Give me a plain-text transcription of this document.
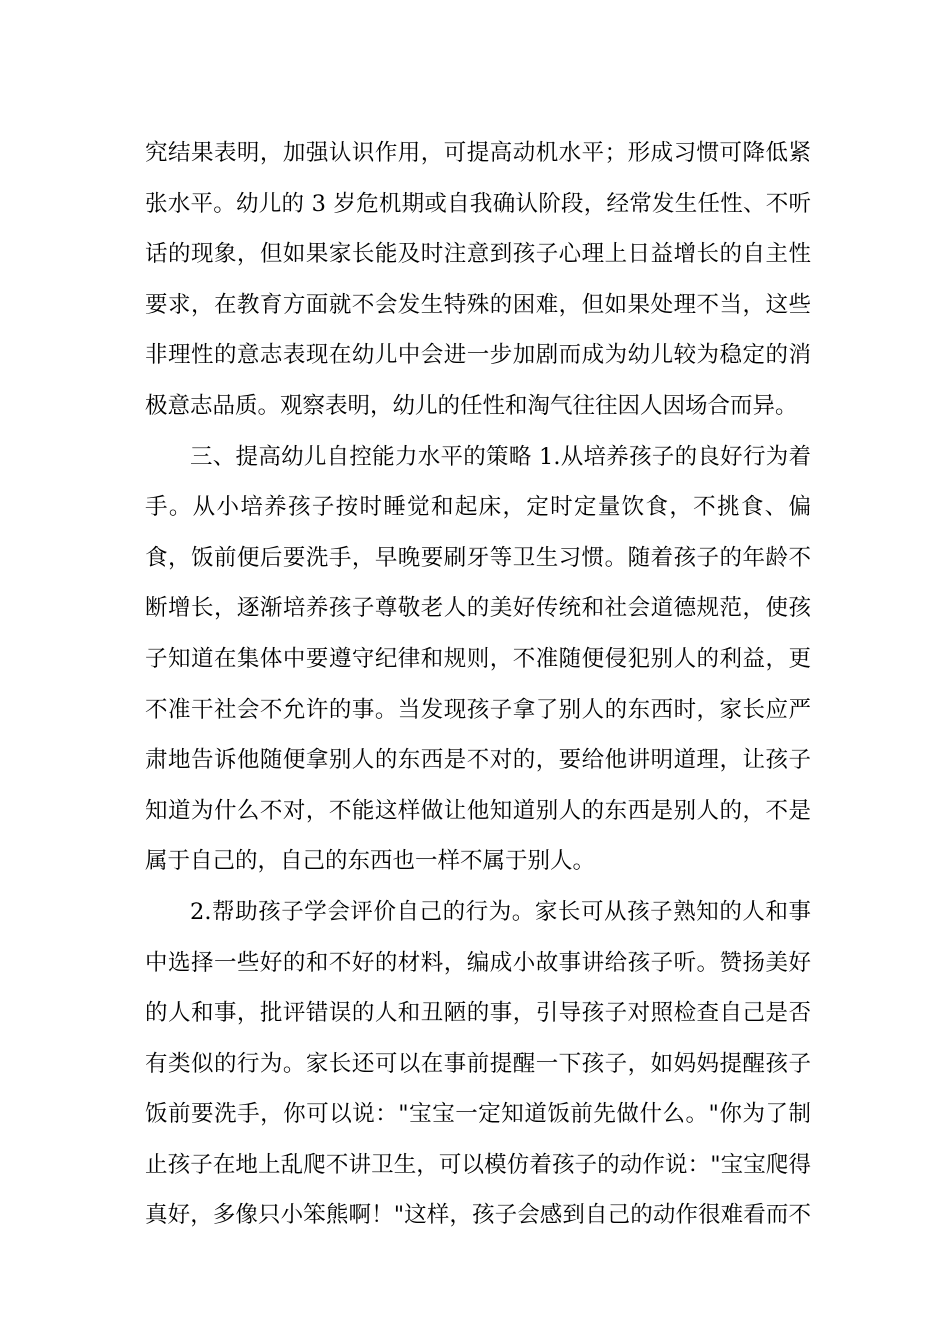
究结果表明，加强认识作用，可提高动机水平；形成习惯可降低紧
张水平。幼儿的 3 岁危机期或自我确认阶段，经常发生任性、不听
话的现象，但如果家长能及时注意到孩子心理上日益增长的自主性
要求，在教育方面就不会发生特殊的困难，但如果处理不当，这些
非理性的意志表现在幼儿中会进一步加剧而成为幼儿较为稳定的消
极意志品质。观察表明，幼儿的任性和淘气往往因人因场合而异。
三、提高幼儿自控能力水平的策略 1.从培养孩子的良好行为着
手。从小培养孩子按时睡觉和起床，定时定量饮食，不挑食、偏
食，饭前便后要洗手，早晚要刷牙等卫生习惯。随着孩子的年龄不
断增长，逐渐培养孩子尊敬老人的美好传统和社会道德规范，使孩
子知道在集体中要遵守纪律和规则，不准随便侵犯别人的利益，更
不准干社会不允许的事。当发现孩子拿了别人的东西时，家长应严
肃地告诉他随便拿别人的东西是不对的，要给他讲明道理，让孩子
知道为什么不对，不能这样做让他知道别人的东西是别人的，不是
属于自己的，自己的东西也一样不属于别人。
2.帮助孩子学会评价自己的行为。家长可从孩子熟知的人和事
中选择一些好的和不好的材料，编成小故事讲给孩子听。赞扬美好
的人和事，批评错误的人和丑陋的事，引导孩子对照检查自己是否
有类似的行为。家长还可以在事前提醒一下孩子，如妈妈提醒孩子
饭前要洗手，你可以说："宝宝一定知道饭前先做什么。"你为了制
止孩子在地上乱爬不讲卫生，可以模仿着孩子的动作说："宝宝爬得
真好，多像只小笨熊啊！"这样，孩子会感到自己的动作很难看而不
